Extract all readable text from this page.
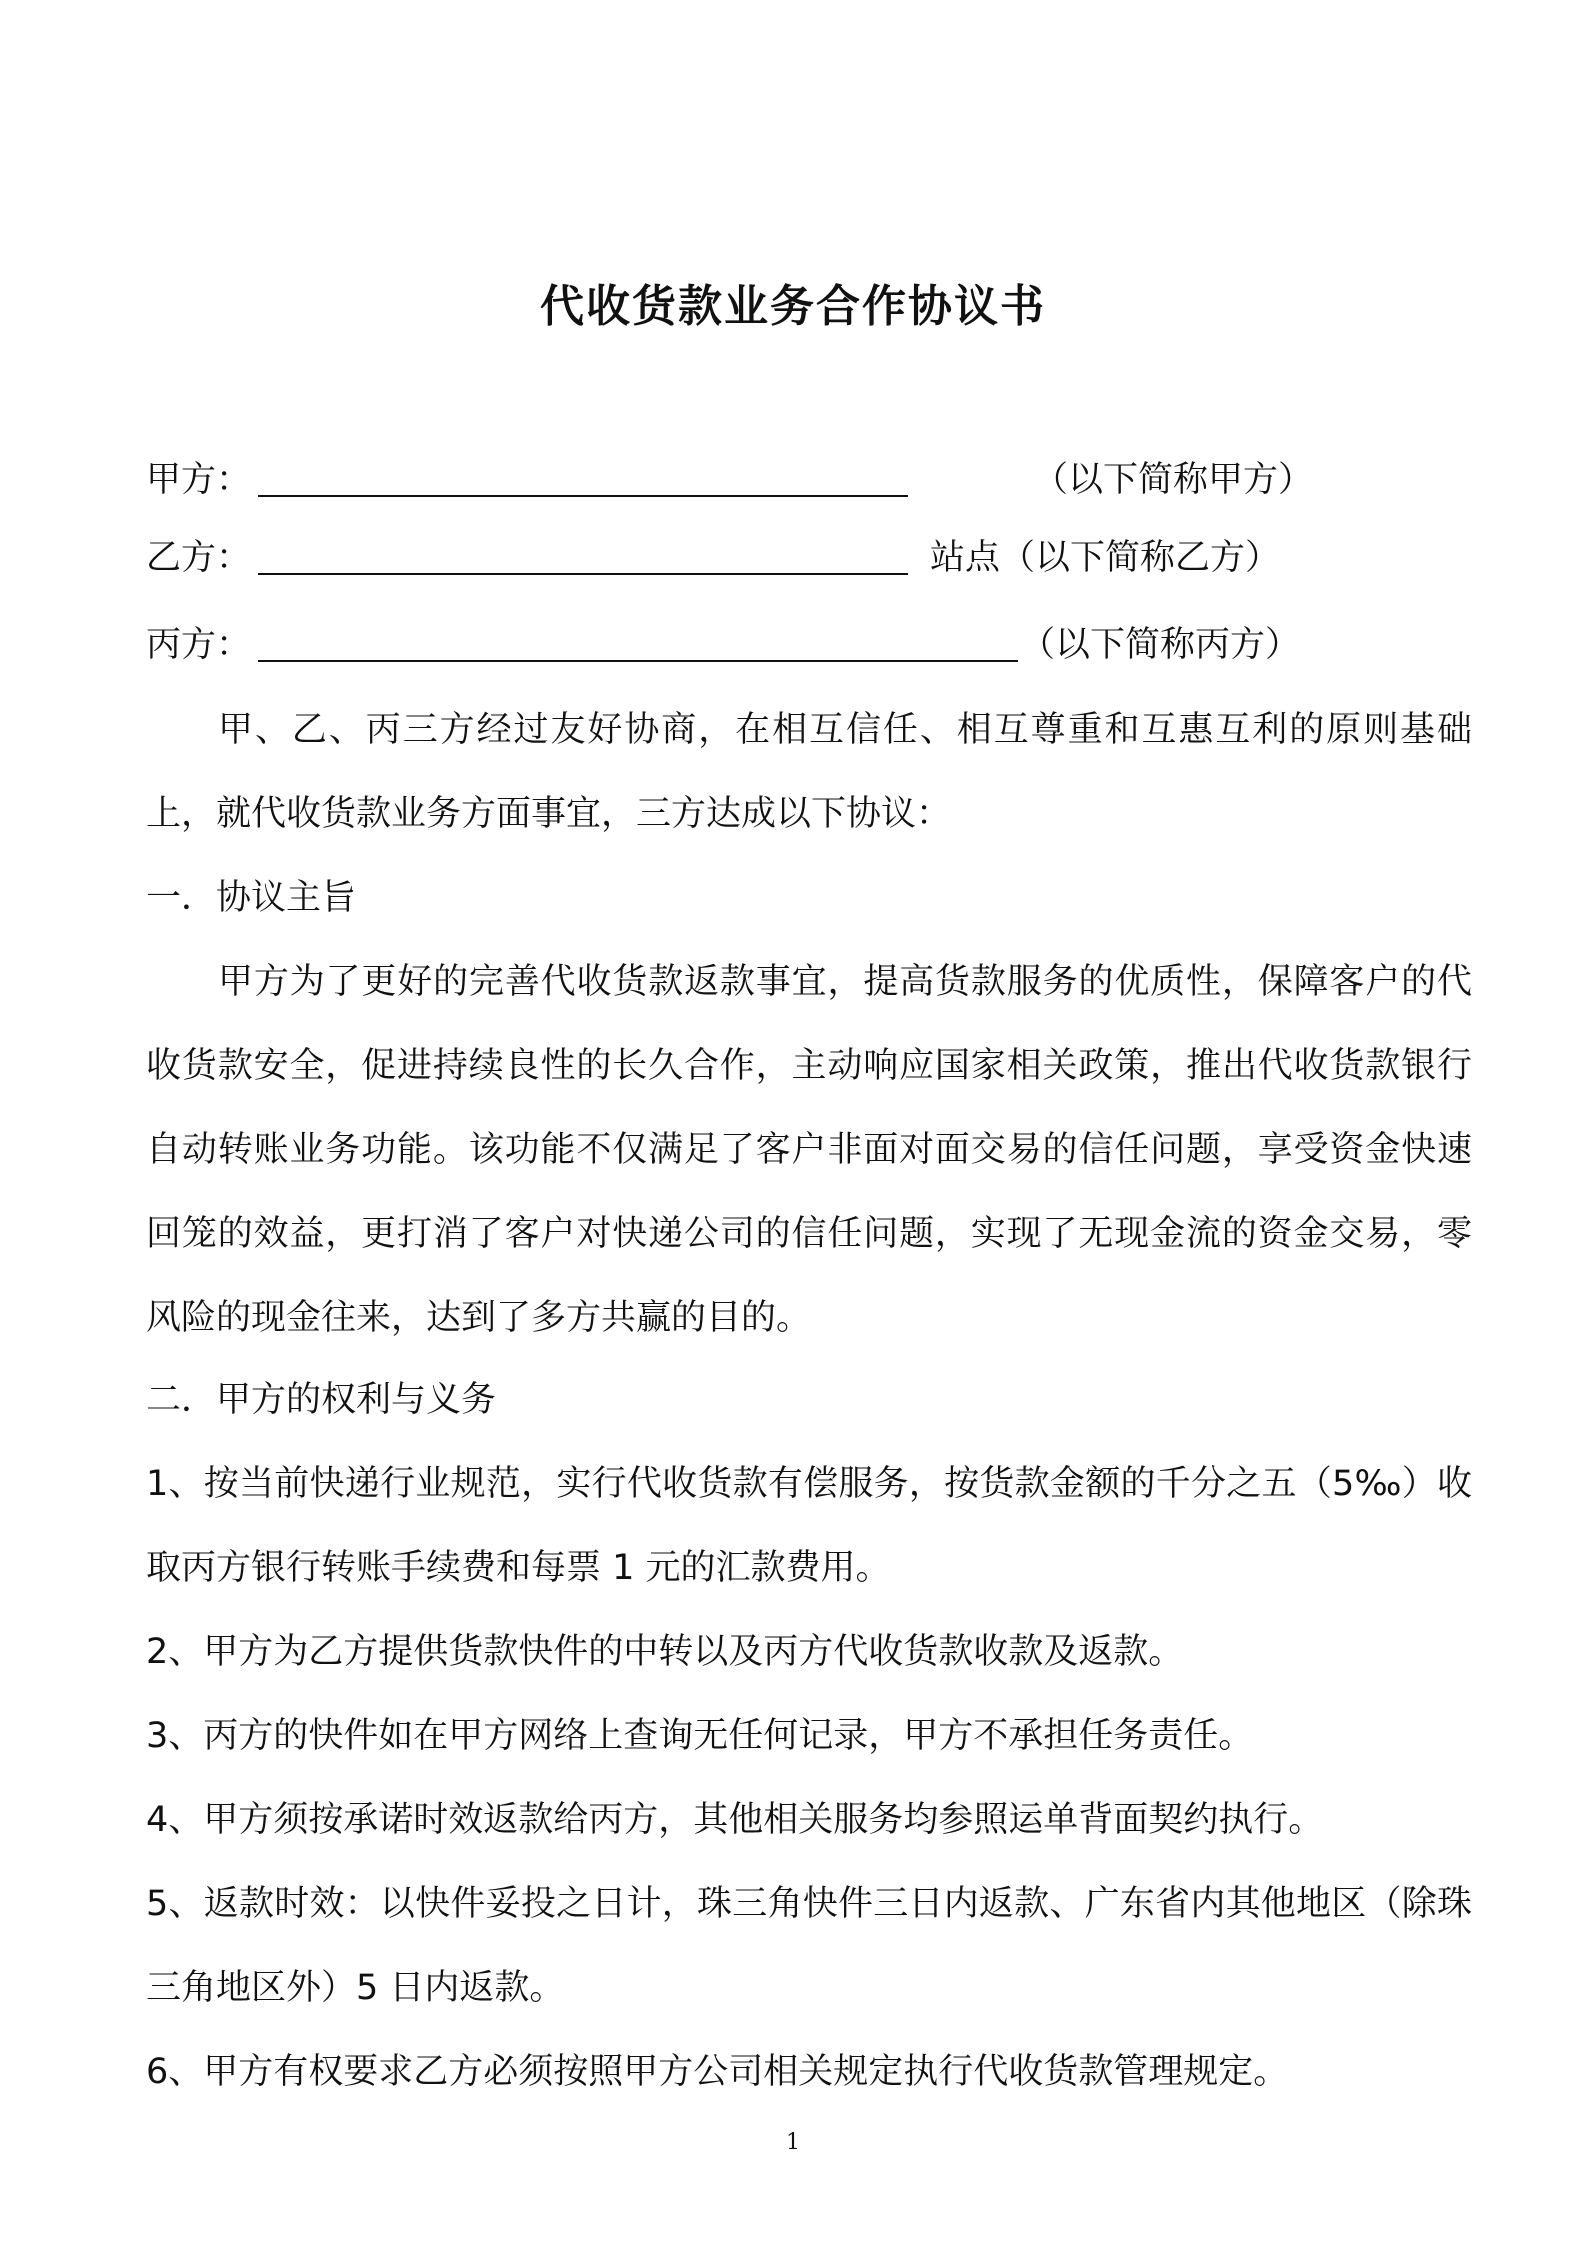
代收货款业务合作协议书
甲方：	（以下简称甲方）
乙方：	站点（以下简称乙方）
丙方：	（以下简称丙方）
甲、乙、丙三方经过友好协商，在相互信任、相互尊重和互惠互利的原则基础上，就代收货款业务方面事宜，三方达成以下协议：
一．协议主旨
甲方为了更好的完善代收货款返款事宜，提高货款服务的优质性，保障客户的代收货款安全，促进持续良性的长久合作，主动响应国家相关政策，推出代收货款银行自动转账业务功能。该功能不仅满足了客户非面对面交易的信任问题，享受资金快速回笼的效益，更打消了客户对快递公司的信任问题，实现了无现金流的资金交易，零风险的现金往来，达到了多方共赢的目的。
二．甲方的权利与义务
1、按当前快递行业规范，实行代收货款有偿服务，按货款金额的千分之五（5‰）收取丙方银行转账手续费和每票 1 元的汇款费用。
2、甲方为乙方提供货款快件的中转以及丙方代收货款收款及返款。
3、丙方的快件如在甲方网络上查询无任何记录，甲方不承担任务责任。
4、甲方须按承诺时效返款给丙方，其他相关服务均参照运单背面契约执行。
5、返款时效：以快件妥投之日计，珠三角快件三日内返款、广东省内其他地区（除珠三角地区外）5 日内返款。
6、甲方有权要求乙方必须按照甲方公司相关规定执行代收货款管理规定。
1
